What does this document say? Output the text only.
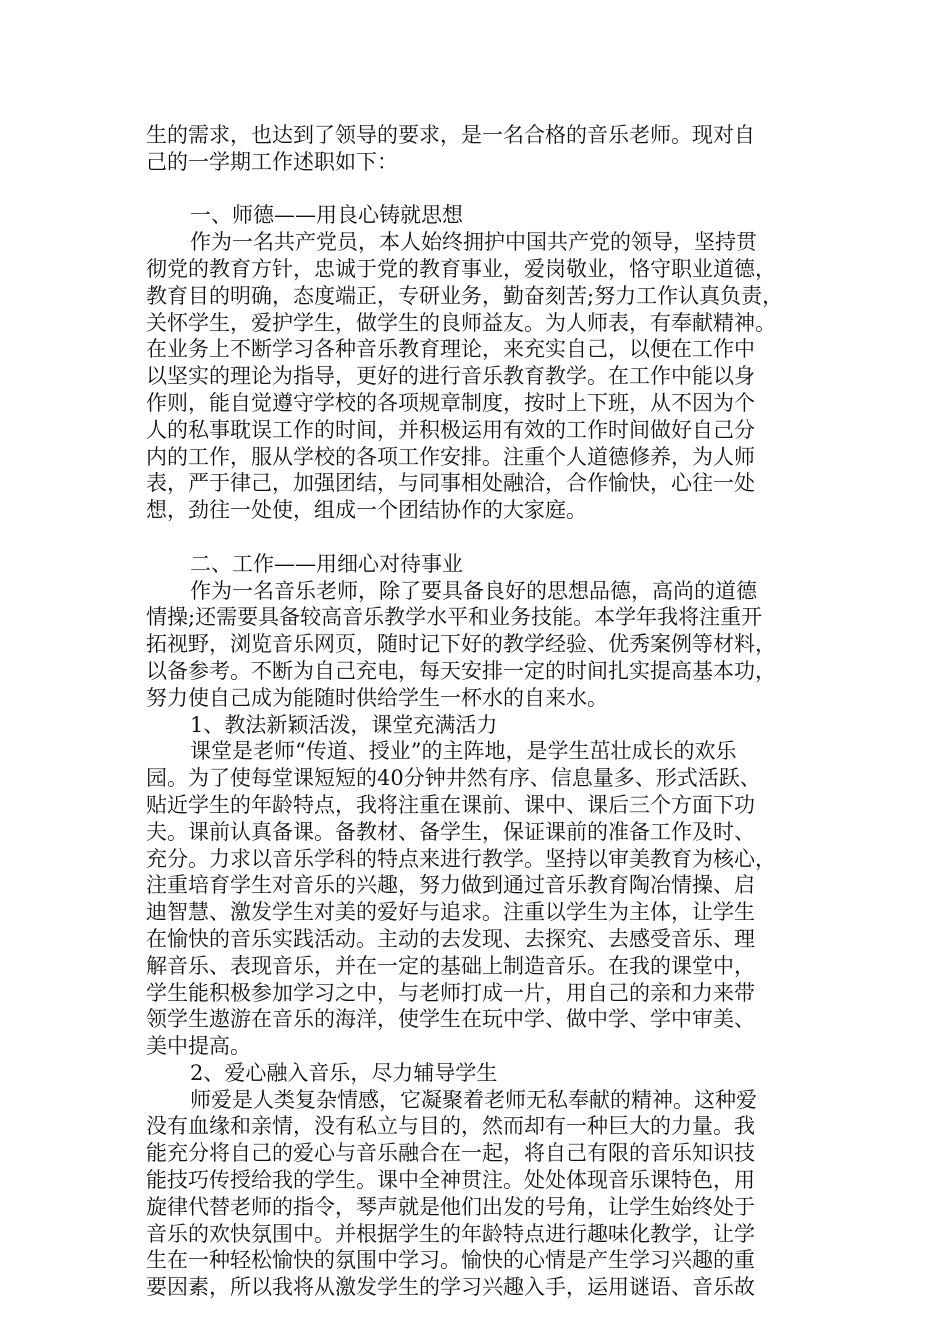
生的需求，也达到了领导的要求，是一名合格的音乐老师。现对自
己的一学期工作述职如下：
一、师德——用良心铸就思想
作为一名共产党员，本人始终拥护中国共产党的领导，坚持贯
彻党的教育方针，忠诚于党的教育事业，爱岗敬业，恪守职业道德，
教育目的明确，态度端正，专研业务，勤奋刻苦;努力工作认真负责，
关怀学生，爱护学生，做学生的良师益友。为人师表，有奉献精神。
在业务上不断学习各种音乐教育理论，来充实自己，以便在工作中
以坚实的理论为指导，更好的进行音乐教育教学。在工作中能以身
作则，能自觉遵守学校的各项规章制度，按时上下班，从不因为个
人的私事耽误工作的时间，并积极运用有效的工作时间做好自己分
内的工作，服从学校的各项工作安排。注重个人道德修养，为人师
表，严于律己，加强团结，与同事相处融洽，合作愉快，心往一处
想，劲往一处使，组成一个团结协作的大家庭。
二、工作——用细心对待事业
作为一名音乐老师，除了要具备良好的思想品德，高尚的道德
情操;还需要具备较高音乐教学水平和业务技能。本学年我将注重开
拓视野，浏览音乐网页，随时记下好的教学经验、优秀案例等材料，
以备参考。不断为自己充电，每天安排一定的时间扎实提高基本功，
努力使自己成为能随时供给学生一杯水的自来水。
1、教法新颖活泼，课堂充满活力
课堂是老师“传道、授业”的主阵地，是学生茁壮成长的欢乐
园。为了使每堂课短短的40分钟井然有序、信息量多、形式活跃、
贴近学生的年龄特点，我将注重在课前、课中、课后三个方面下功
夫。课前认真备课。备教材、备学生，保证课前的准备工作及时、
充分。力求以音乐学科的特点来进行教学。坚持以审美教育为核心，
注重培育学生对音乐的兴趣，努力做到通过音乐教育陶冶情操、启
迪智慧、激发学生对美的爱好与追求。注重以学生为主体，让学生
在愉快的音乐实践活动。主动的去发现、去探究、去感受音乐、理
解音乐、表现音乐，并在一定的基础上制造音乐。在我的课堂中，
学生能积极参加学习之中，与老师打成一片，用自己的亲和力来带
领学生遨游在音乐的海洋，使学生在玩中学、做中学、学中审美、
美中提高。
2、爱心融入音乐，尽力辅导学生
师爱是人类复杂情感，它凝聚着老师无私奉献的精神。这种爱
没有血缘和亲情，没有私立与目的，然而却有一种巨大的力量。我
能充分将自己的爱心与音乐融合在一起，将自己有限的音乐知识技
能技巧传授给我的学生。课中全神贯注。处处体现音乐课特色，用
旋律代替老师的指令，琴声就是他们出发的号角，让学生始终处于
音乐的欢快氛围中。并根据学生的年龄特点进行趣味化教学，让学
生在一种轻松愉快的氛围中学习。愉快的心情是产生学习兴趣的重
要因素，所以我将从激发学生的学习兴趣入手，运用谜语、音乐故
